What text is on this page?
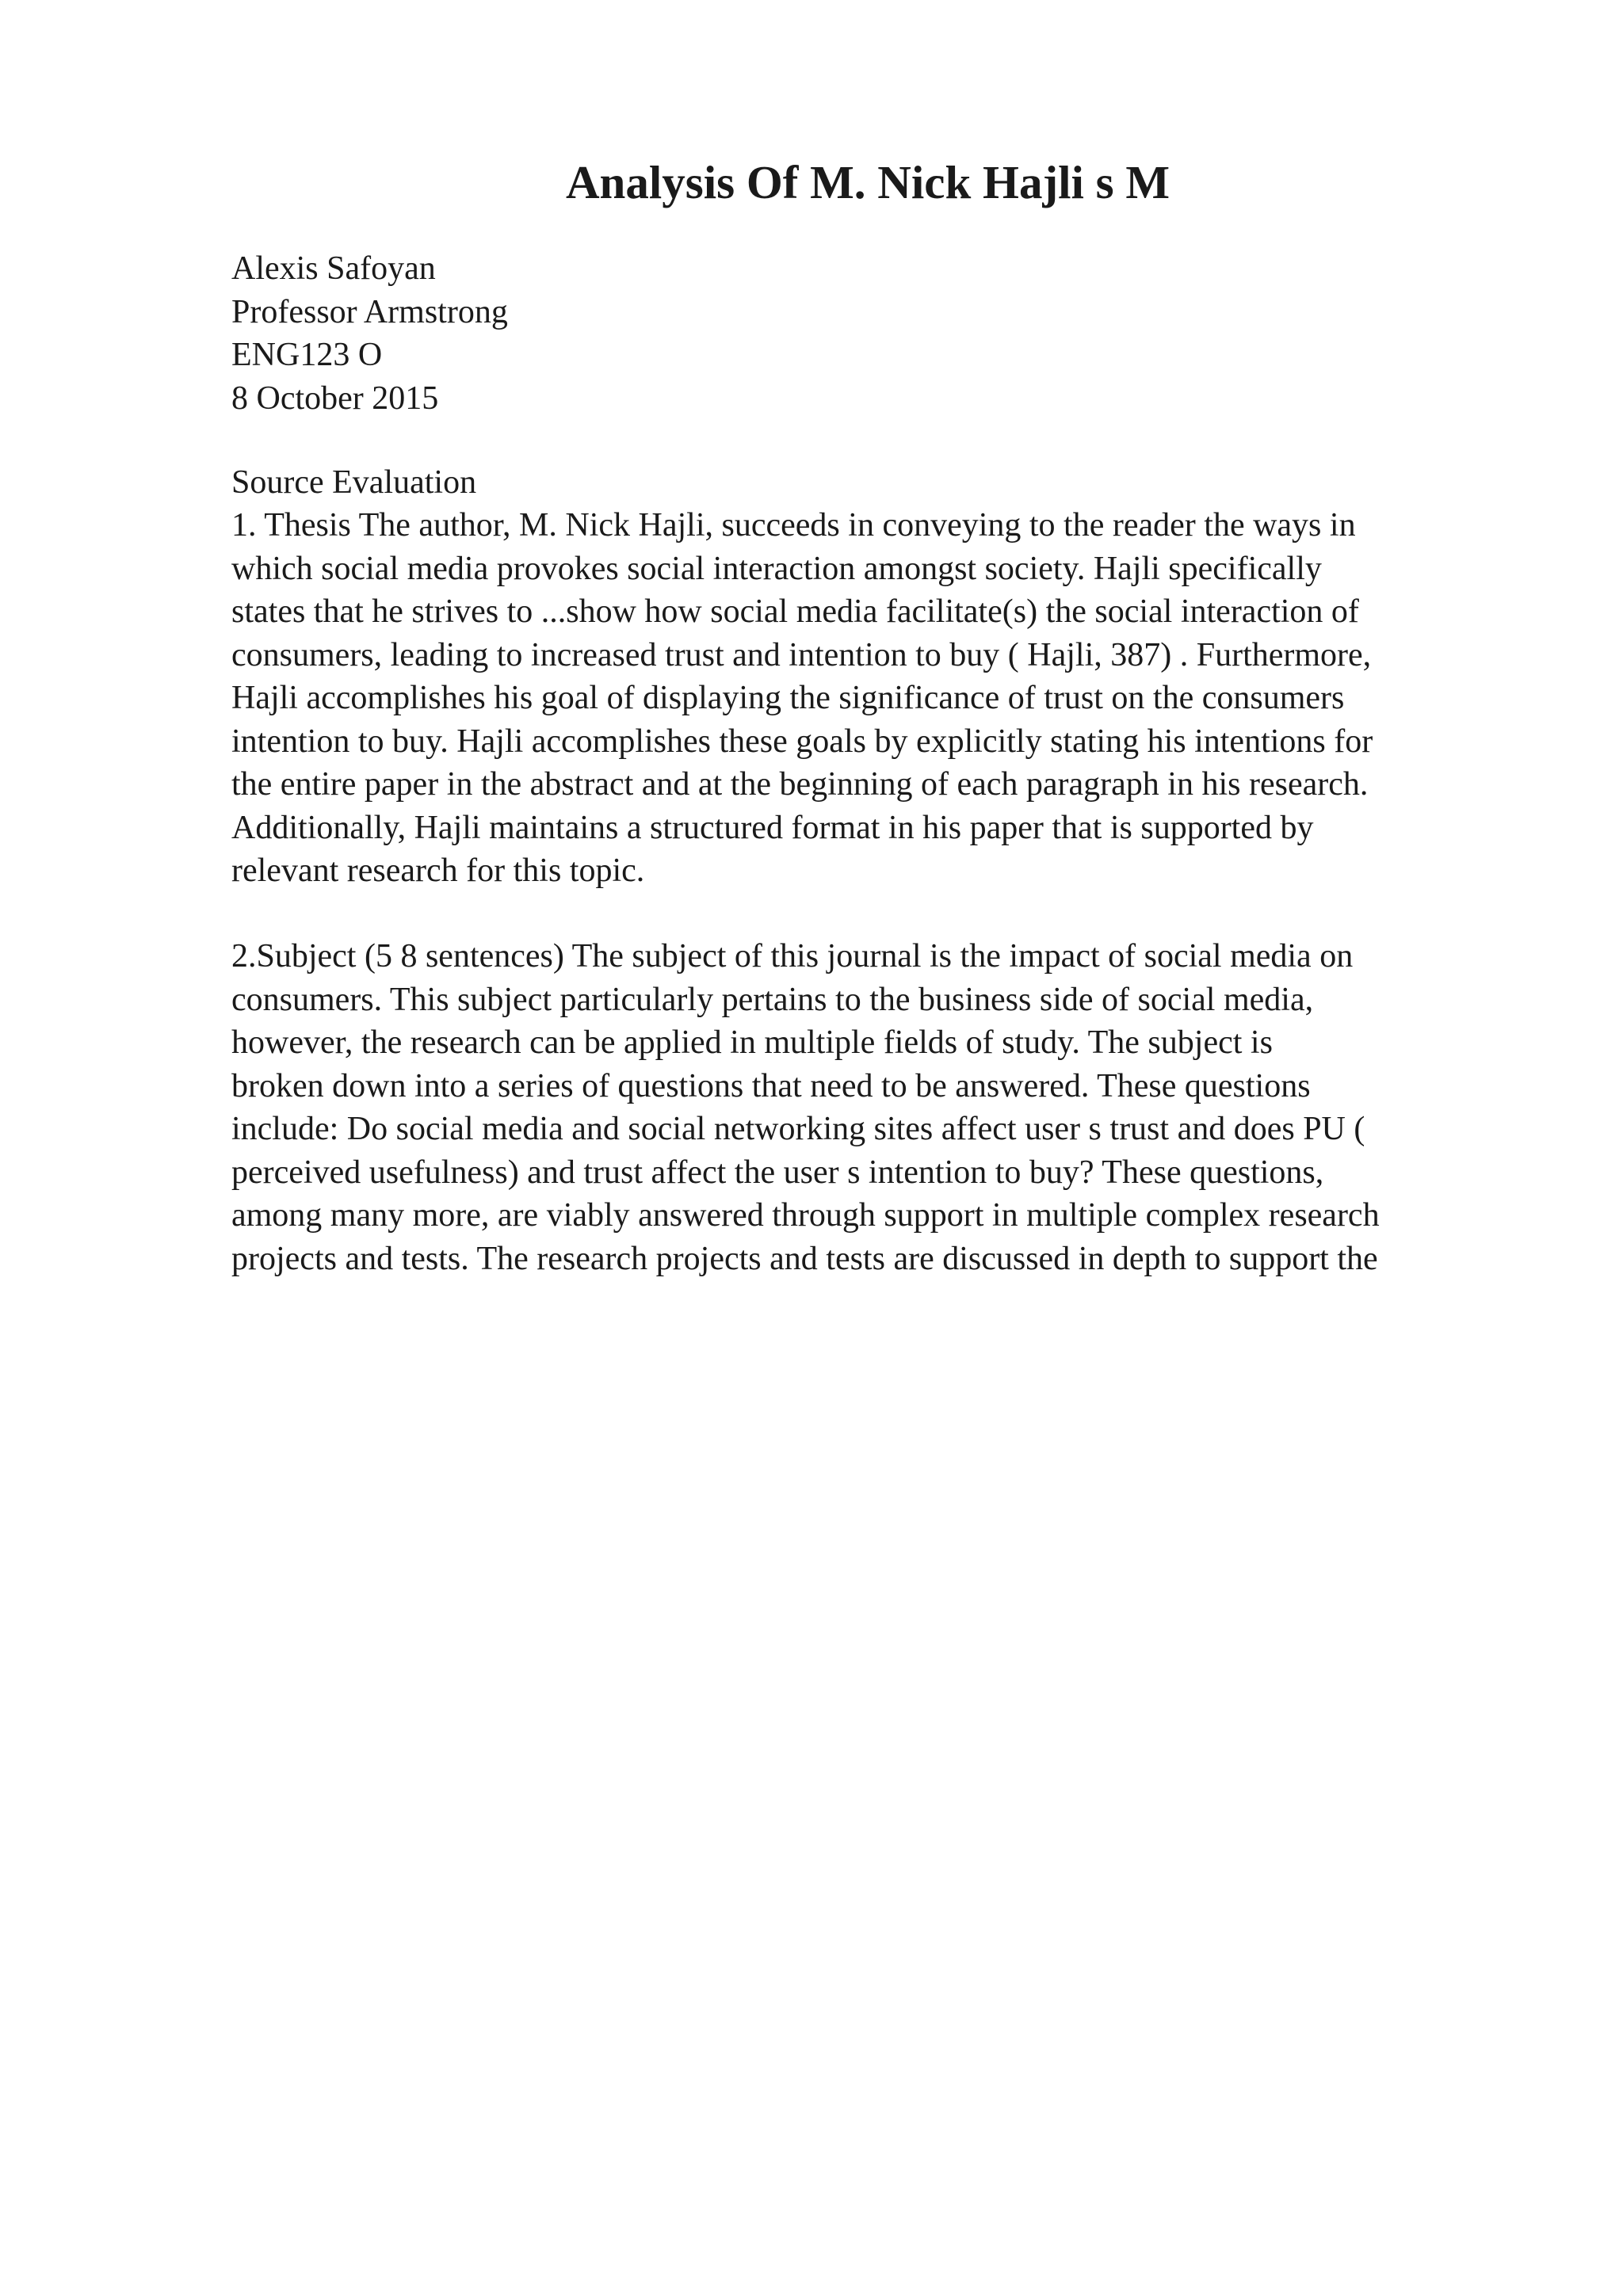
Analysis Of M. Nick Hajli s M
Alexis Safoyan
Professor Armstrong
ENG123 O
8 October 2015
Source Evaluation
1. Thesis The author, M. Nick Hajli, succeeds in conveying to the reader the ways in
which social media provokes social interaction amongst society. Hajli specifically
states that he strives to ...show how social media facilitate(s) the social interaction of
consumers, leading to increased trust and intention to buy ( Hajli, 387) . Furthermore,
Hajli accomplishes his goal of displaying the significance of trust on the consumers
intention to buy. Hajli accomplishes these goals by explicitly stating his intentions for
the entire paper in the abstract and at the beginning of each paragraph in his research.
Additionally, Hajli maintains a structured format in his paper that is supported by
relevant research for this topic.
2.Subject (5 8 sentences) The subject of this journal is the impact of social media on
consumers. This subject particularly pertains to the business side of social media,
however, the research can be applied in multiple fields of study. The subject is
broken down into a series of questions that need to be answered. These questions
include: Do social media and social networking sites affect user s trust and does PU (
perceived usefulness) and trust affect the user s intention to buy? These questions,
among many more, are viably answered through support in multiple complex research
projects and tests. The research projects and tests are discussed in depth to support the
